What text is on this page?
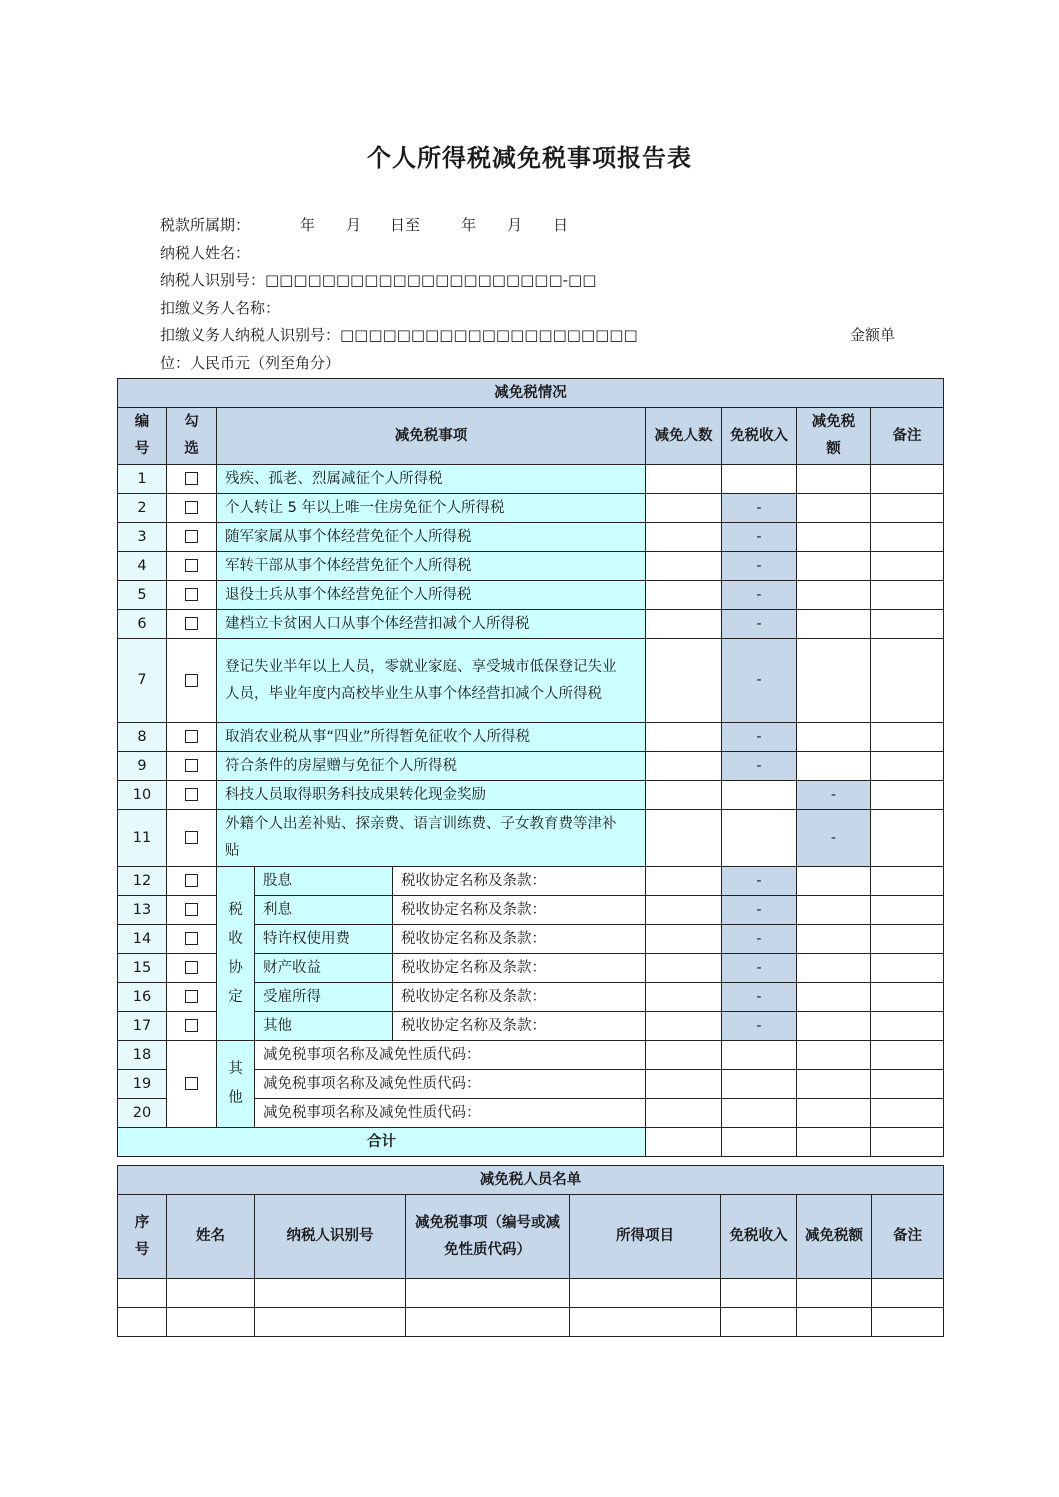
个人所得税减免税事项报告表
税款所属期：	年 月 日至	年 月 日
纳税人姓名：
纳税人识别号：□□□□□□□□□□□□□□□□□□□□□-□□
扣缴义务人名称：
扣缴义务人纳税人识别号：□□□□□□□□□□□□□□□□□□□□□	金额单
位：人民币元（列至角分）
减免税情况								
编号	勾选	减免税事项			减免人数	免税收入	减免税额	备注
1		残疾、孤老、烈属减征个人所得税						
2		个人转让 5 年以上唯一住房免征个人所得税				-		
3		随军家属从事个体经营免征个人所得税				-		
4		军转干部从事个体经营免征个人所得税				-		
5		退役士兵从事个体经营免征个人所得税				-		
6		建档立卡贫困人口从事个体经营扣减个人所得税				-		
7		登记失业半年以上人员，零就业家庭、享受城市低保登记失业人员，毕业年度内高校毕业生从事个体经营扣减个人所得税				-		
8		取消农业税从事“四业”所得暂免征收个人所得税				-		
9		符合条件的房屋赠与免征个人所得税				-		
10		科技人员取得职务科技成果转化现金奖励					-	
11		外籍个人出差补贴、探亲费、语言训练费、子女教育费等津补贴					-	
12		税收协定	股息	税收协定名称及条款：		-		
13			利息	税收协定名称及条款：		-		
14			特许权使用费	税收协定名称及条款：		-		
15			财产收益	税收协定名称及条款：		-		
16			受雇所得	税收协定名称及条款：		-		
17			其他	税收协定名称及条款：		-		
18		其他	减免税事项名称及减免性质代码：					
19			减免税事项名称及减免性质代码：					
20			减免税事项名称及减免性质代码：					
合计								
减免税人员名单							
序号	姓名	纳税人识别号	减免税事项（编号或减免性质代码）	所得项目	免税收入	减免税额	备注
